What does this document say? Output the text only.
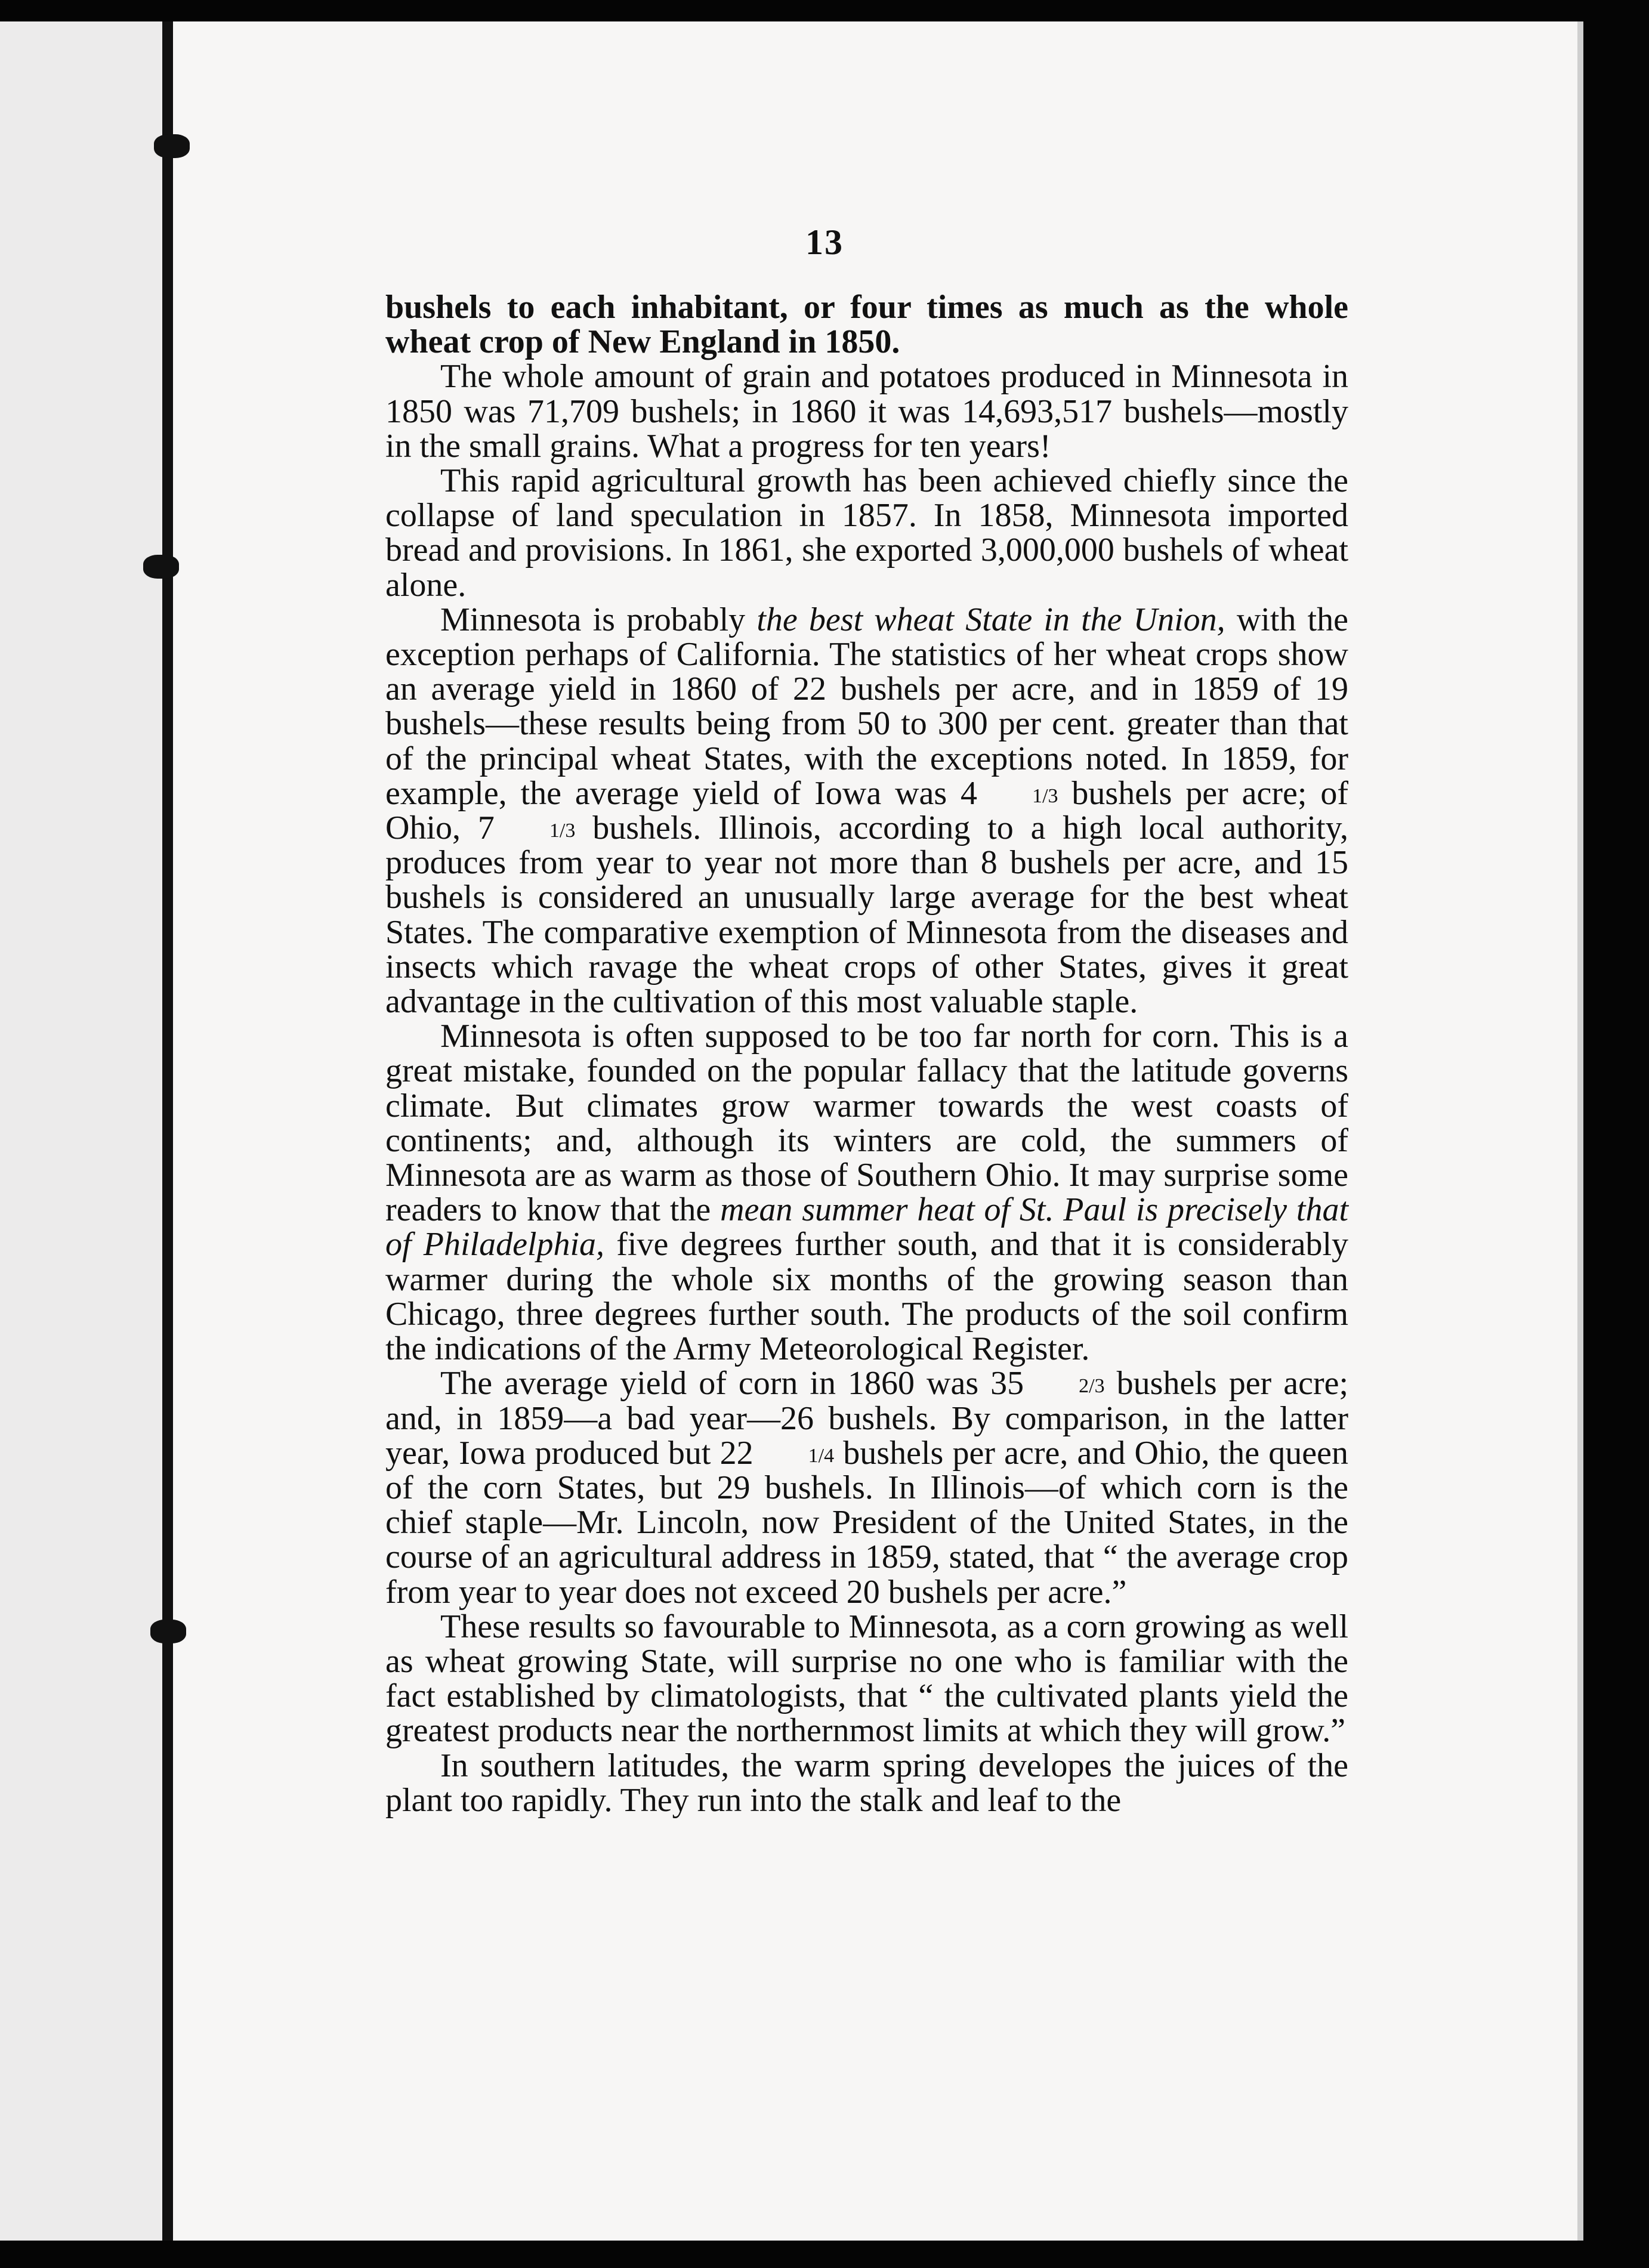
13

bushels to each inhabitant, or four times as much as the whole wheat crop of New England in 1850.

The whole amount of grain and potatoes produced in Minnesota in 1850 was 71,709 bushels; in 1860 it was 14,693,517 bushels—mostly in the small grains. What a progress for ten years!

This rapid agricultural growth has been achieved chiefly since the collapse of land speculation in 1857. In 1858, Minnesota imported bread and provisions. In 1861, she exported 3,000,000 bushels of wheat alone.

Minnesota is probably the best wheat State in the Union, with the exception perhaps of California. The statistics of her wheat crops show an average yield in 1860 of 22 bushels per acre, and in 1859 of 19 bushels—these results being from 50 to 300 per cent. greater than that of the principal wheat States, with the exceptions noted. In 1859, for example, the average yield of Iowa was 4	1/3 bushels per acre; of Ohio, 7	1/3 bushels. Illinois, according to a high local authority, produces from year to year not more than 8 bushels per acre, and 15 bushels is considered an unusually large average for the best wheat States. The comparative exemption of Minnesota from the diseases and insects which ravage the wheat crops of other States, gives it great advantage in the cultivation of this most valuable staple.

Minnesota is often supposed to be too far north for corn. This is a great mistake, founded on the popular fallacy that the latitude governs climate. But climates grow warmer towards the west coasts of continents; and, although its winters are cold, the summers of Minnesota are as warm as those of Southern Ohio. It may surprise some readers to know that the mean summer heat of St. Paul is precisely that of Philadelphia, five degrees further south, and that it is considerably warmer during the whole six months of the growing season than Chicago, three degrees further south. The products of the soil confirm the indications of the Army Meteorological Register.

The average yield of corn in 1860 was 35	2/3 bushels per acre; and, in 1859—a bad year—26 bushels. By comparison, in the latter year, Iowa produced but 22	1/4 bushels per acre, and Ohio, the queen of the corn States, but 29 bushels. In Illinois—of which corn is the chief staple—Mr. Lincoln, now President of the United States, in the course of an agricultural address in 1859, stated, that “ the average crop from year to year does not exceed 20 bushels per acre.”

These results so favourable to Minnesota, as a corn growing as well as wheat growing State, will surprise no one who is familiar with the fact established by climatologists, that “ the cultivated plants yield the greatest products near the northernmost limits at which they will grow.”

In southern latitudes, the warm spring developes the juices of the plant too rapidly. They run into the stalk and leaf to the
